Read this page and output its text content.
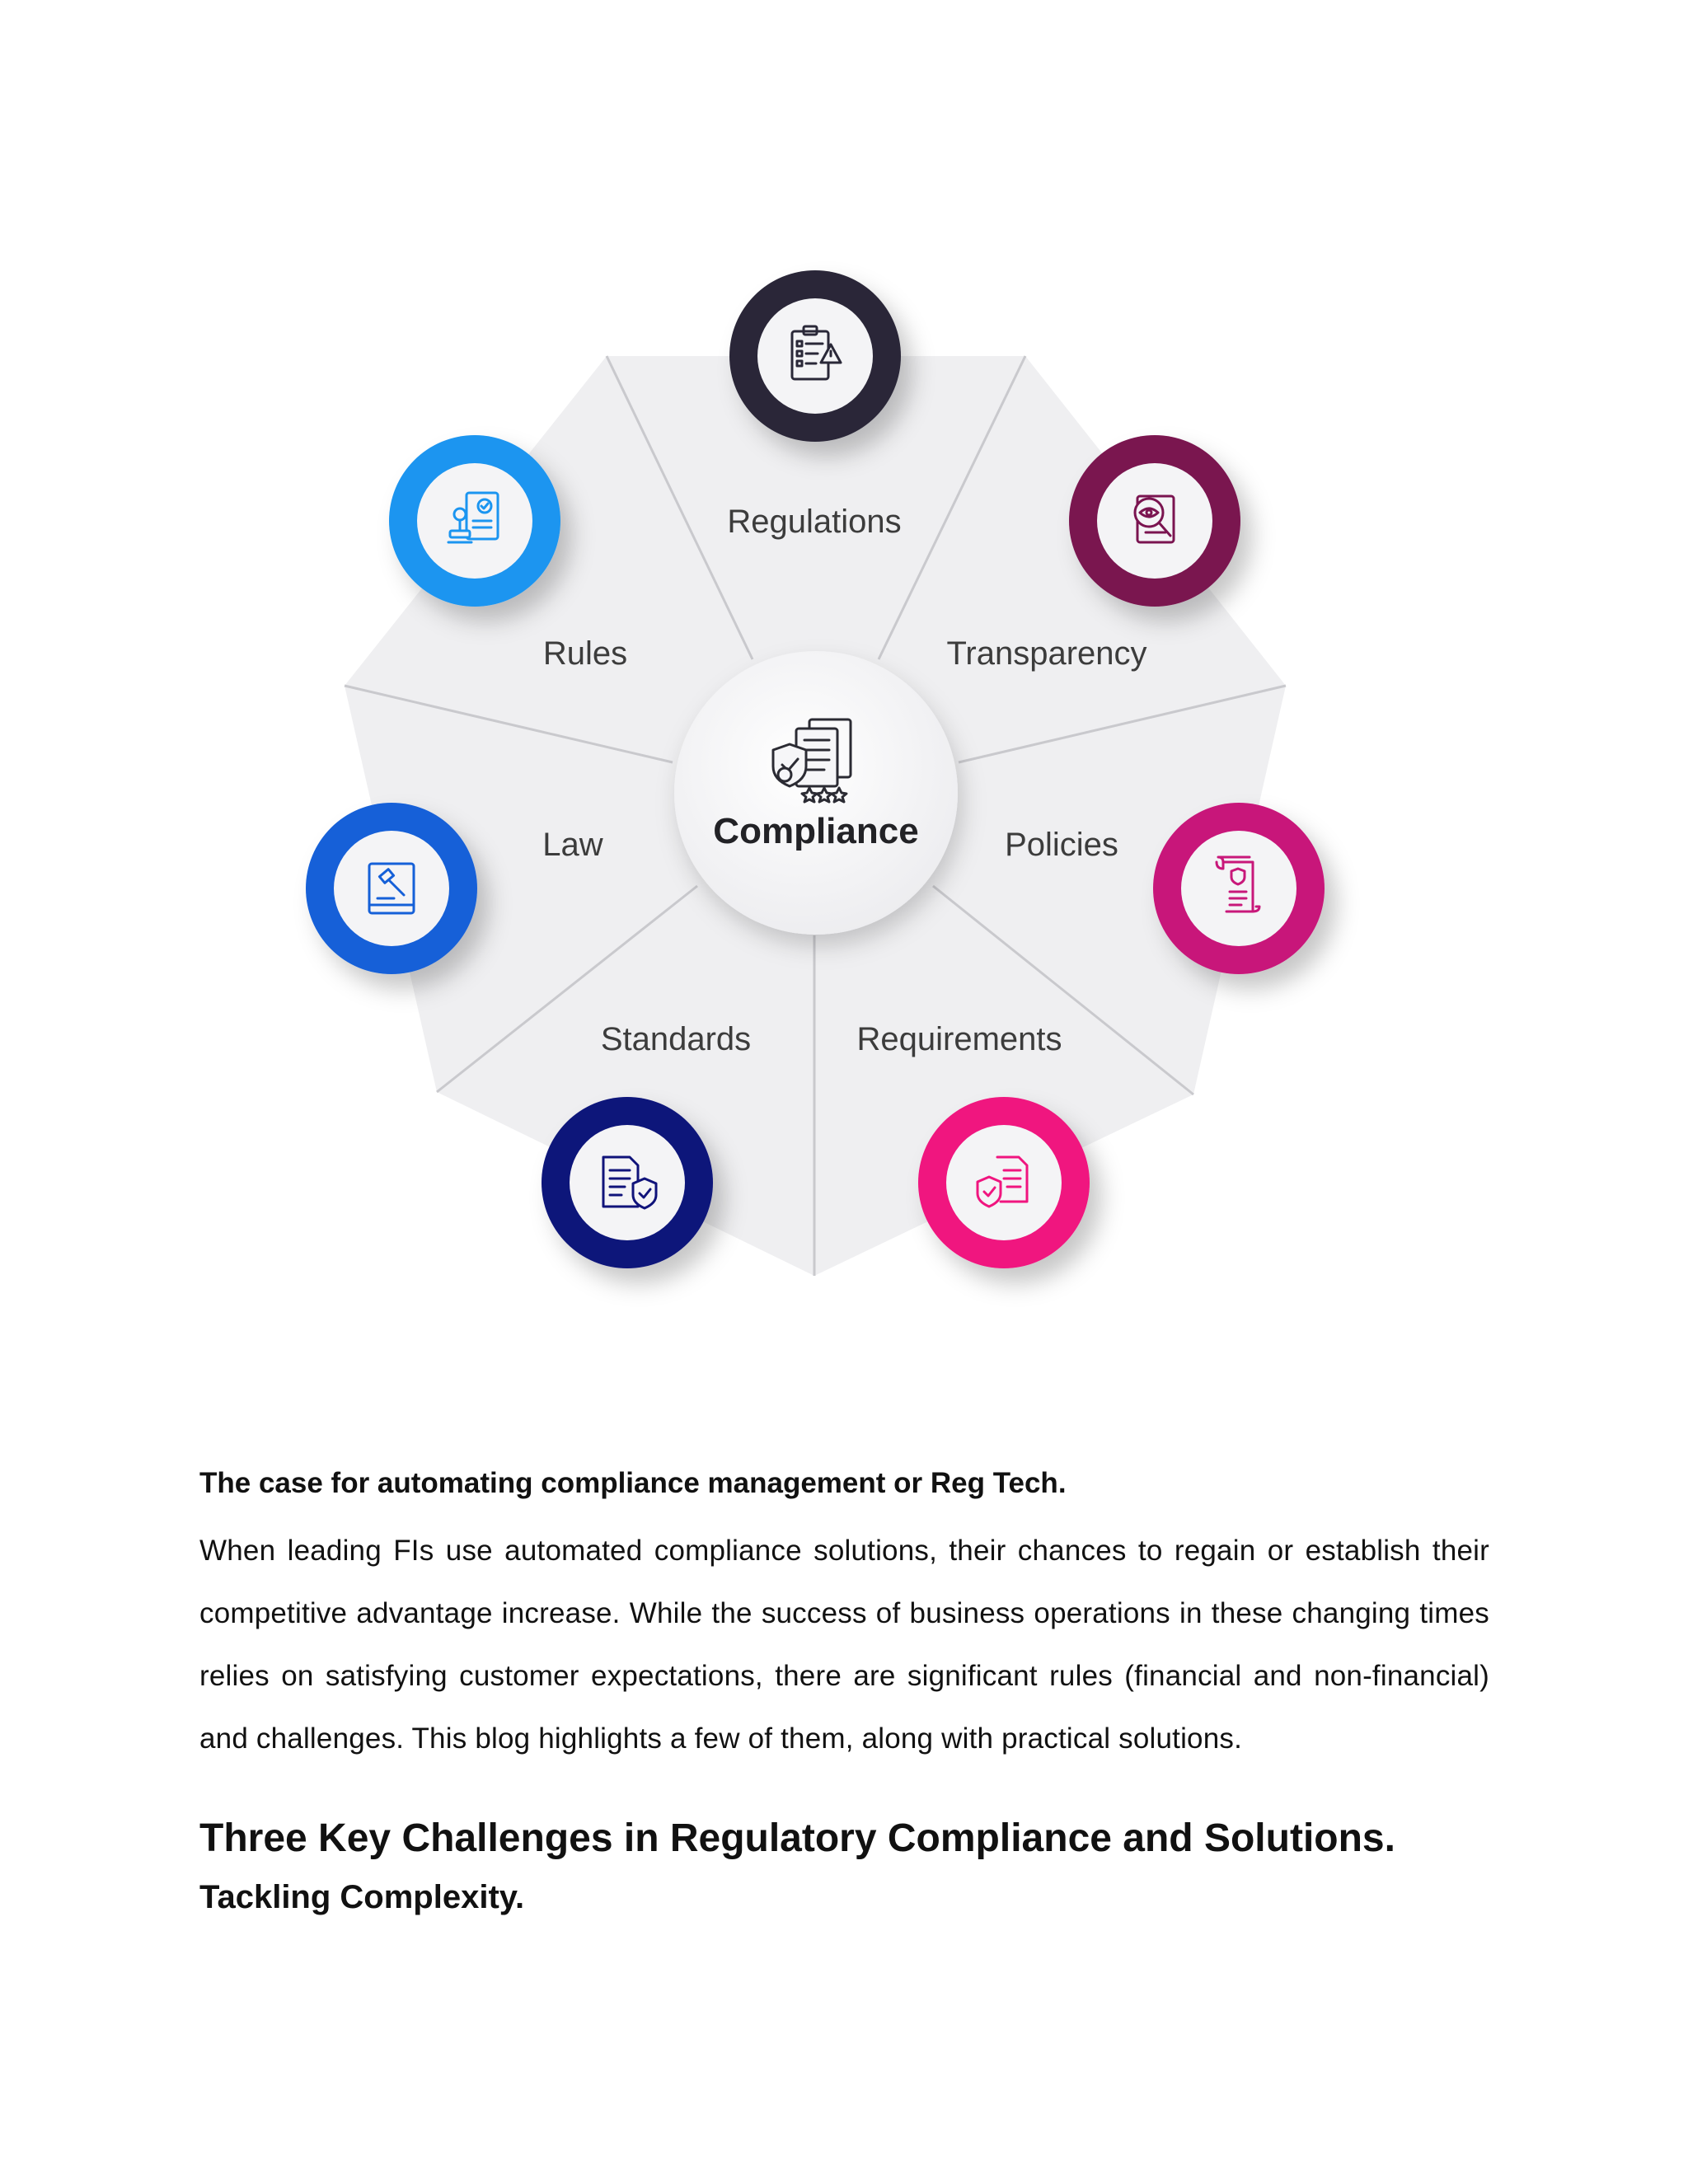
Compliance
Regulations
Transparency
Policies
Requirements
Standards
Law
Rules

The case for automating compliance management or Reg Tech.

When leading FIs use automated compliance solutions, their chances to regain or establish their competitive advantage increase. While the success of business operations in these changing times relies on satisfying customer expectations, there are significant rules (financial and non-financial) and challenges. This blog highlights a few of them, along with practical solutions.

Three Key Challenges in Regulatory Compliance and Solutions.
Tackling Complexity.
